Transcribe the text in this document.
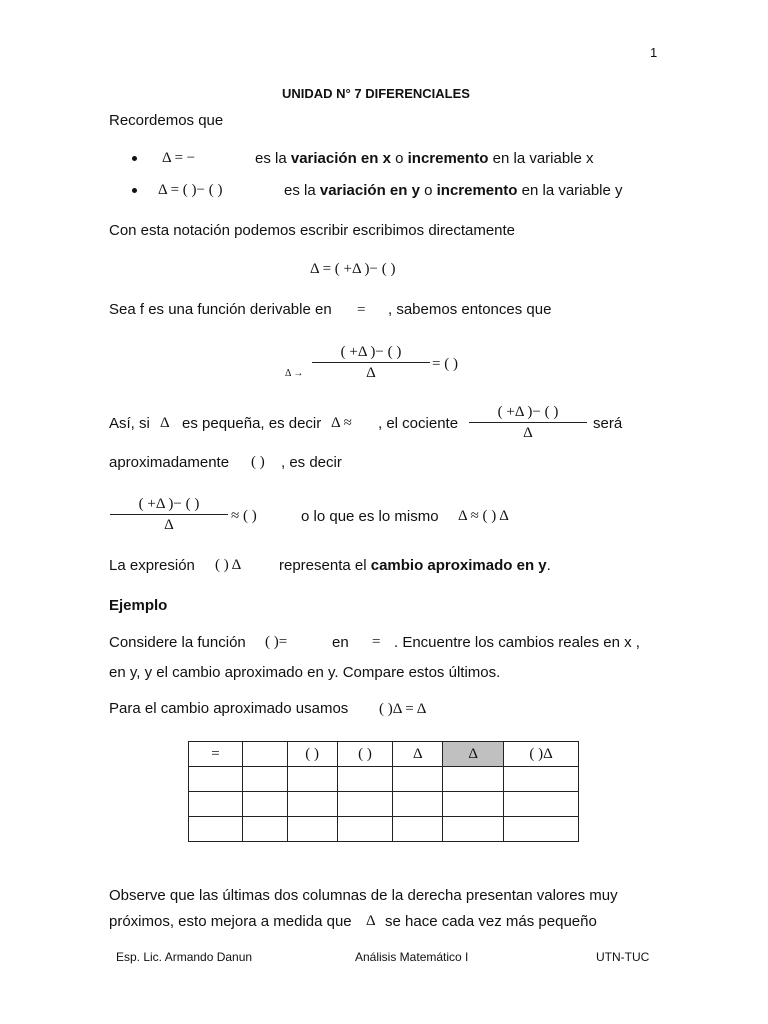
1
UNIDAD N° 7 DIFERENCIALES
Recordemos que
Δ = −	es la variación en x o incremento en la variable x
Δ = ( )− ( )	es la variación en y o incremento en la variable y
Con esta notación podemos escribir escribimos directamente
Δ = ( +Δ )− ( )
Sea f es una función derivable en = , sabemos entonces que
Δ →
( +Δ )− ( )
Δ
= ( )
Así, si Δ es pequeña, es decir Δ ≈ , el cociente
( +Δ )− ( )
Δ
será
aproximadamente ( ) , es decir
( +Δ )− ( )
Δ
≈ ( )	o lo que es lo mismo Δ ≈ ( ) Δ
La expresión ( ) Δ	representa el cambio aproximado en y.
Ejemplo
Considere la función ( )=	en = . Encuentre los cambios reales en x ,
en y, y el cambio aproximado en y. Compare estos últimos.
Para el cambio aproximado usamos ( )Δ = Δ
=		( )	( )	Δ	Δ	( )Δ

Observe que las últimas dos columnas de la derecha presentan valores muy
próximos, esto mejora a medida que Δ se hace cada vez más pequeño
Esp. Lic. Armando Danun	Análisis Matemático I	UTN-TUC
